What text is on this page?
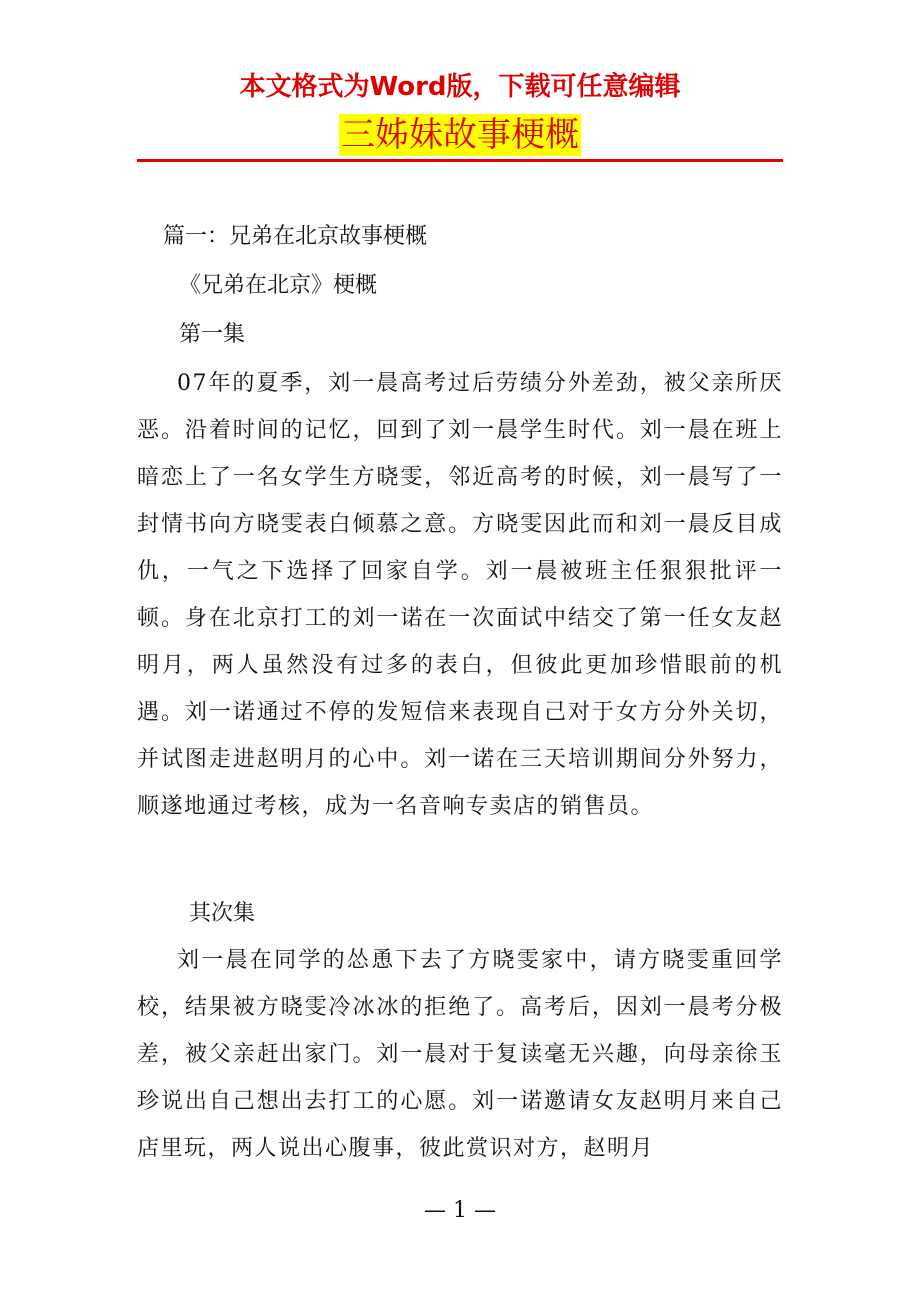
本文格式为Word版，下载可任意编辑
三姊妹故事梗概
篇一：兄弟在北京故事梗概
《兄弟在北京》梗概
第一集
07年的夏季，刘一晨高考过后劳绩分外差劲，被父亲所厌恶。沿着时间的记忆，回到了刘一晨学生时代。刘一晨在班上暗恋上了一名女学生方晓雯，邻近高考的时候，刘一晨写了一封情书向方晓雯表白倾慕之意。方晓雯因此而和刘一晨反目成仇，一气之下选择了回家自学。刘一晨被班主任狠狠批评一顿。身在北京打工的刘一诺在一次面试中结交了第一任女友赵明月，两人虽然没有过多的表白，但彼此更加珍惜眼前的机遇。刘一诺通过不停的发短信来表现自己对于女方分外关切，并试图走进赵明月的心中。刘一诺在三天培训期间分外努力，顺遂地通过考核，成为一名音响专卖店的销售员。
其次集
刘一晨在同学的怂恿下去了方晓雯家中，请方晓雯重回学校，结果被方晓雯冷冰冰的拒绝了。高考后，因刘一晨考分极差，被父亲赶出家门。刘一晨对于复读毫无兴趣，向母亲徐玉珍说出自己想出去打工的心愿。刘一诺邀请女友赵明月来自己店里玩，两人说出心腹事，彼此赏识对方，赵明月
— 1 —
